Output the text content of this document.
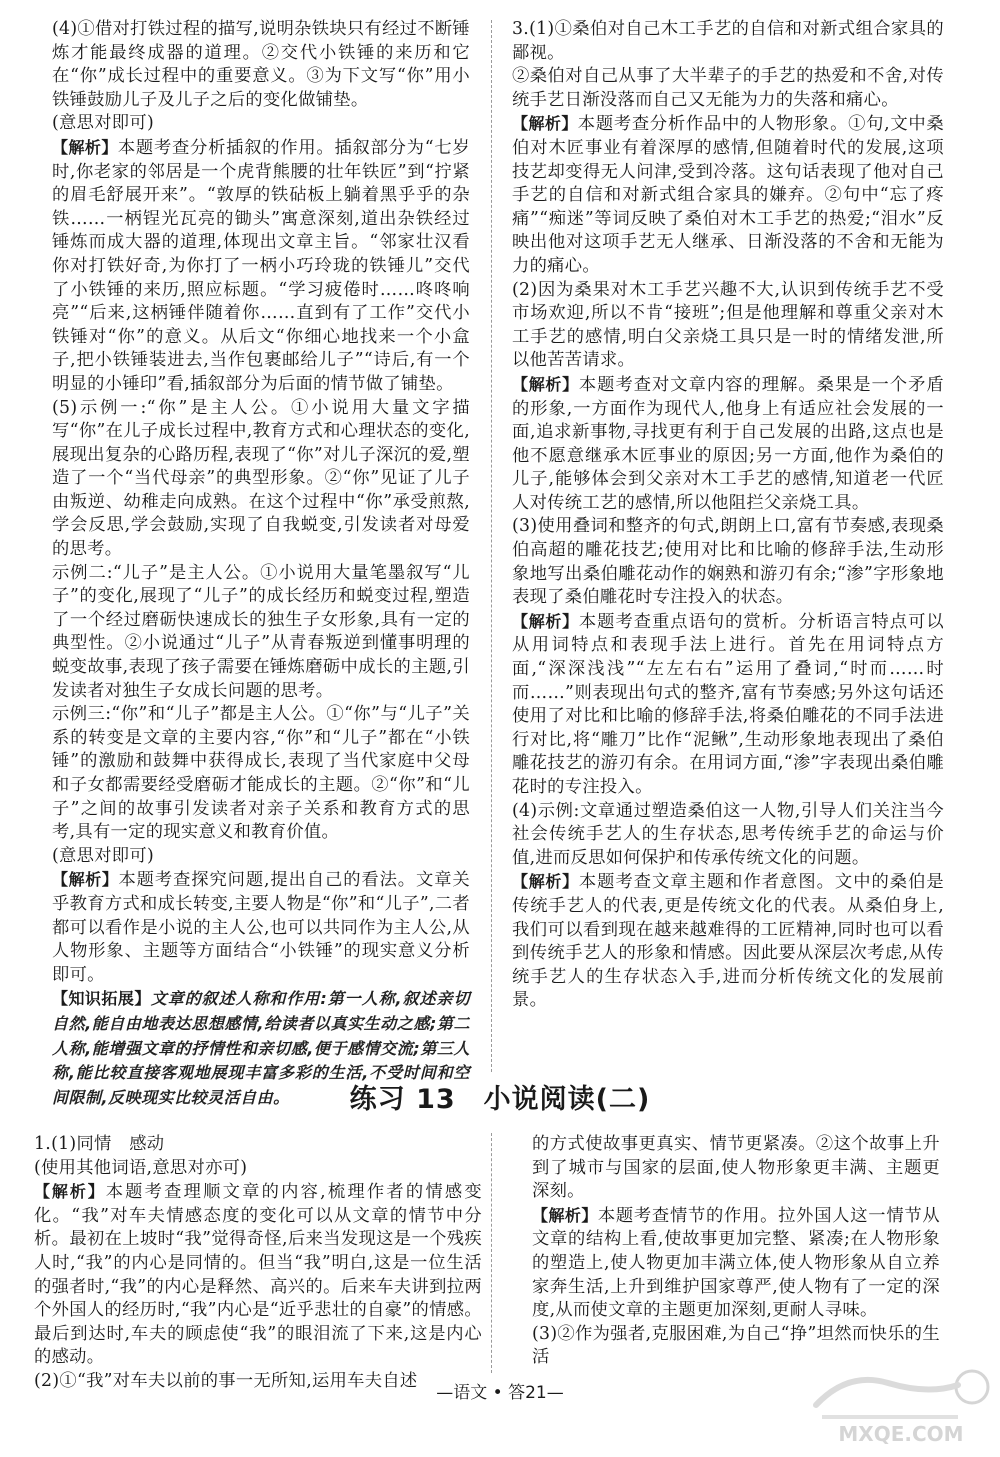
(4)①借对打铁过程的描写,说明杂铁块只有经过不断锤炼才能最终成器的道理。②交代小铁锤的来历和它在“你”成长过程中的重要意义。③为下文写“你”用小铁锤鼓励儿子及儿子之后的变化做铺垫。

(意思对即可)

【解析】本题考查分析插叙的作用。插叙部分为“七岁时,你老家的邻居是一个虎背熊腰的壮年铁匠”到“拧紧的眉毛舒展开来”。“敦厚的铁砧板上躺着黑乎乎的杂铁……一柄锃光瓦亮的锄头”寓意深刻,道出杂铁经过锤炼而成大器的道理,体现出文章主旨。“邻家壮汉看你对打铁好奇,为你打了一柄小巧玲珑的铁锤儿”交代了小铁锤的来历,照应标题。“学习疲倦时……咚咚响亮”“后来,这柄锤伴随着你……直到有了工作”交代小铁锤对“你”的意义。从后文“你细心地找来一个小盒子,把小铁锤装进去,当作包裹邮给儿子”“诗后,有一个明显的小锤印”看,插叙部分为后面的情节做了铺垫。

(5)示例一:“你”是主人公。①小说用大量文字描写“你”在儿子成长过程中,教育方式和心理状态的变化,展现出复杂的心路历程,表现了“你”对儿子深沉的爱,塑造了一个“当代母亲”的典型形象。②“你”见证了儿子由叛逆、幼稚走向成熟。在这个过程中“你”承受煎熬,学会反思,学会鼓励,实现了自我蜕变,引发读者对母爱的思考。

示例二:“儿子”是主人公。①小说用大量笔墨叙写“儿子”的变化,展现了“儿子”的成长经历和蜕变过程,塑造了一个经过磨砺快速成长的独生子女形象,具有一定的典型性。②小说通过“儿子”从青春叛逆到懂事明理的蜕变故事,表现了孩子需要在锤炼磨砺中成长的主题,引发读者对独生子女成长问题的思考。

示例三:“你”和“儿子”都是主人公。①“你”与“儿子”关系的转变是文章的主要内容,“你”和“儿子”都在“小铁锤”的激励和鼓舞中获得成长,表现了当代家庭中父母和子女都需要经受磨砺才能成长的主题。②“你”和“儿子”之间的故事引发读者对亲子关系和教育方式的思考,具有一定的现实意义和教育价值。

(意思对即可)

【解析】本题考查探究问题,提出自己的看法。文章关乎教育方式和成长转变,主要人物是“你”和“儿子”,二者都可以看作是小说的主人公,也可以共同作为主人公,从人物形象、主题等方面结合“小铁锤”的现实意义分析即可。

【知识拓展】文章的叙述人称和作用:第一人称,叙述亲切自然,能自由地表达思想感情,给读者以真实生动之感;第二人称,能增强文章的抒情性和亲切感,便于感情交流;第三人称,能比较直接客观地展现丰富多彩的生活,不受时间和空间限制,反映现实比较灵活自由。

3.(1)①桑伯对自己木工手艺的自信和对新式组合家具的鄙视。

②桑伯对自己从事了大半辈子的手艺的热爱和不舍,对传统手艺日渐没落而自己又无能为力的失落和痛心。

【解析】本题考查分析作品中的人物形象。①句,文中桑伯对木匠事业有着深厚的感情,但随着时代的发展,这项技艺却变得无人问津,受到冷落。这句话表现了他对自己手艺的自信和对新式组合家具的嫌弃。②句中“忘了疼痛”“痴迷”等词反映了桑伯对木工手艺的热爱;“泪水”反映出他对这项手艺无人继承、日渐没落的不舍和无能为力的痛心。

(2)因为桑果对木工手艺兴趣不大,认识到传统手艺不受市场欢迎,所以不肯“接班”;但是他理解和尊重父亲对木工手艺的感情,明白父亲烧工具只是一时的情绪发泄,所以他苦苦请求。

【解析】本题考查对文章内容的理解。桑果是一个矛盾的形象,一方面作为现代人,他身上有适应社会发展的一面,追求新事物,寻找更有利于自己发展的出路,这点也是他不愿意继承木匠事业的原因;另一方面,他作为桑伯的儿子,能够体会到父亲对木工手艺的感情,知道老一代匠人对传统工艺的感情,所以他阻拦父亲烧工具。

(3)使用叠词和整齐的句式,朗朗上口,富有节奏感,表现桑伯高超的雕花技艺;使用对比和比喻的修辞手法,生动形象地写出桑伯雕花动作的娴熟和游刃有余;“渗”字形象地表现了桑伯雕花时专注投入的状态。

【解析】本题考查重点语句的赏析。分析语言特点可以从用词特点和表现手法上进行。首先在用词特点方面,“深深浅浅”“左左右右”运用了叠词,“时而……时而……”则表现出句式的整齐,富有节奏感;另外这句话还使用了对比和比喻的修辞手法,将桑伯雕花的不同手法进行对比,将“雕刀”比作“泥鳅”,生动形象地表现出了桑伯雕花技艺的游刃有余。在用词方面,“渗”字表现出桑伯雕花时的专注投入。

(4)示例:文章通过塑造桑伯这一人物,引导人们关注当今社会传统手艺人的生存状态,思考传统手艺的命运与价值,进而反思如何保护和传承传统文化的问题。

【解析】本题考查文章主题和作者意图。文中的桑伯是传统手艺人的代表,更是传统文化的代表。从桑伯身上,我们可以看到现在越来越难得的工匠精神,同时也可以看到传统手艺人的形象和情感。因此要从深层次考虑,从传统手艺人的生存状态入手,进而分析传统文化的发展前景。

练习 13　小说阅读(二)

1.(1)同情　感动

(使用其他词语,意思对亦可)

【解析】本题考查理顺文章的内容,梳理作者的情感变化。“我”对车夫情感态度的变化可以从文章的情节中分析。最初在上坡时“我”觉得奇怪,后来当发现这是一个残疾人时,“我”的内心是同情的。但当“我”明白,这是一位生活的强者时,“我”的内心是释然、高兴的。后来车夫讲到拉两个外国人的经历时,“我”内心是“近乎悲壮的自豪”的情感。最后到达时,车夫的顾虑使“我”的眼泪流了下来,这是内心的感动。

(2)①“我”对车夫以前的事一无所知,运用车夫自述

的方式使故事更真实、情节更紧凑。②这个故事上升到了城市与国家的层面,使人物形象更丰满、主题更深刻。

【解析】本题考查情节的作用。拉外国人这一情节从文章的结构上看,使故事更加完整、紧凑;在人物形象的塑造上,使人物更加丰满立体,使人物形象从自立养家奔生活,上升到维护国家尊严,使人物有了一定的深度,从而使文章的主题更加深刻,更耐人寻味。

(3)②作为强者,克服困难,为自己“挣”坦然而快乐的生活

—语文 • 答21—
MXQE.COM
